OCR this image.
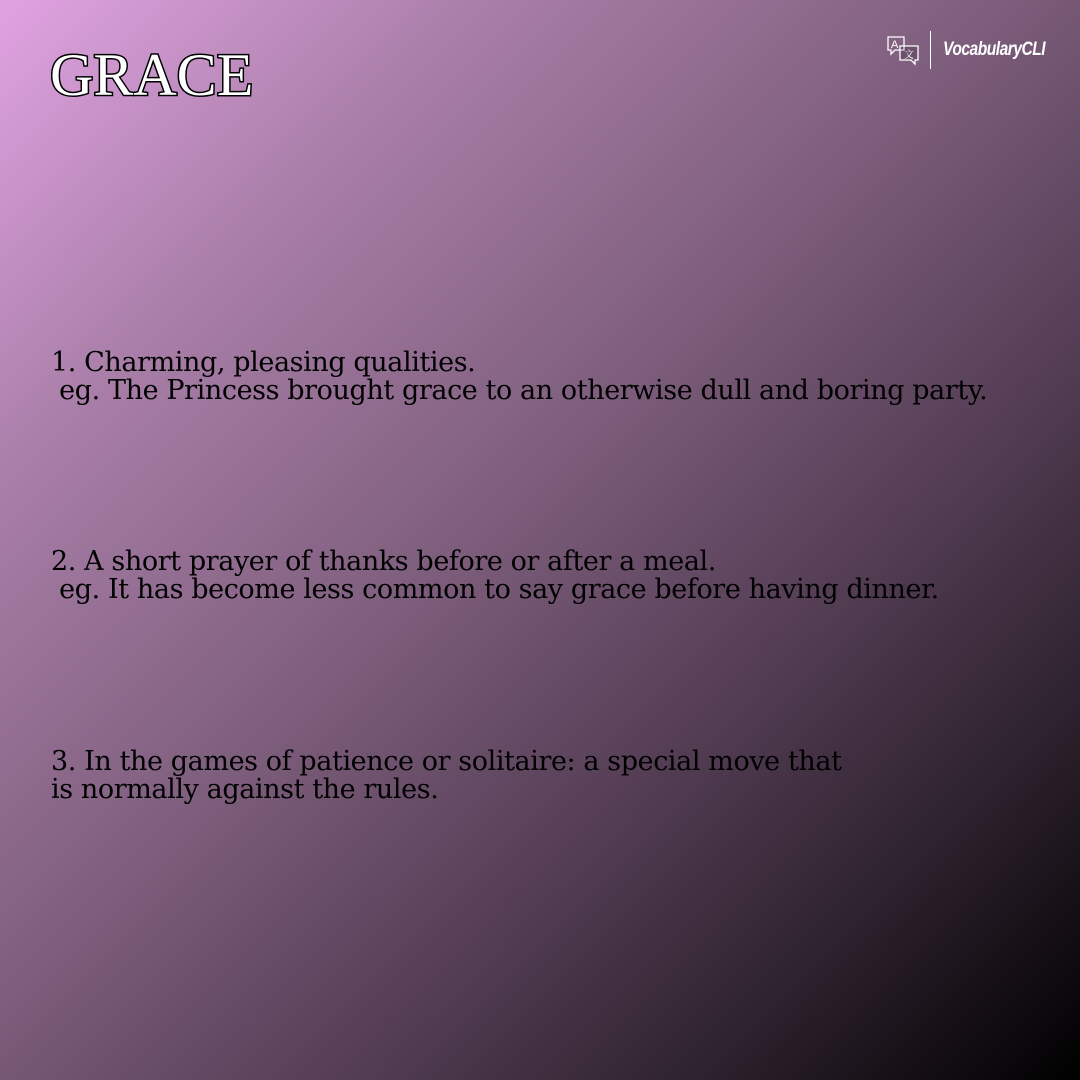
GRACE	A
文 VocabularyCLI
1. Charming, pleasing qualities.
eg. The Princess brought grace to an otherwise dull and boring party.
2. A short prayer of thanks before or after a meal.
eg. It has become less common to say grace before having dinner.
3. In the games of patience or solitaire: a special move that is normally against the rules.
